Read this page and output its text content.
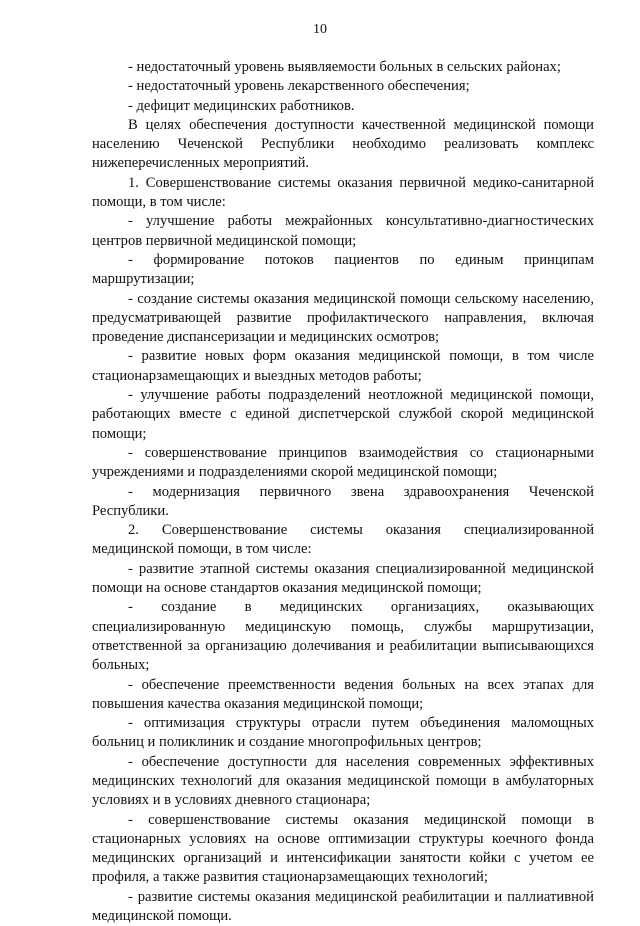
10

- недостаточный уровень выявляемости больных в сельских районах;

- недостаточный уровень лекарственного обеспечения;

- дефицит медицинских работников.

В целях обеспечения доступности качественной медицинской помощи населению Чеченской Республики необходимо реализовать комплекс нижеперечисленных мероприятий.

1. Совершенствование системы оказания первичной медико-санитарной помощи, в том числе:

- улучшение работы межрайонных консультативно-диагностических центров первичной медицинской помощи;

- формирование потоков пациентов по единым принципам маршрутизации;

- создание системы оказания медицинской помощи сельскому населению, предусматривающей развитие профилактического направления, включая проведение диспансеризации и медицинских осмотров;

- развитие новых форм оказания медицинской помощи, в том числе стационарзамещающих и выездных методов работы;

- улучшение работы подразделений неотложной медицинской помощи, работающих вместе с единой диспетчерской службой скорой медицинской помощи;

- совершенствование принципов взаимодействия со стационарными учреждениями и подразделениями скорой медицинской помощи;

- модернизация первичного звена здравоохранения Чеченской Республики.

2. Совершенствование системы оказания специализированной медицинской помощи, в том числе:

- развитие этапной системы оказания специализированной медицинской помощи на основе стандартов оказания медицинской помощи;

- создание в медицинских организациях, оказывающих специализированную медицинскую помощь, службы маршрутизации, ответственной за организацию долечивания и реабилитации выписывающихся больных;

- обеспечение преемственности ведения больных на всех этапах для повышения качества оказания медицинской помощи;

- оптимизация структуры отрасли путем объединения маломощных больниц и поликлиник и создание многопрофильных центров;

- обеспечение доступности для населения современных эффективных медицинских технологий для оказания медицинской помощи в амбулаторных условиях и в условиях дневного стационара;

- совершенствование системы оказания медицинской помощи в стационарных условиях на основе оптимизации структуры коечного фонда медицинских организаций и интенсификации занятости койки с учетом ее профиля, а также развития стационарзамещающих технологий;

- развитие системы оказания медицинской реабилитации и паллиативной медицинской помощи.
